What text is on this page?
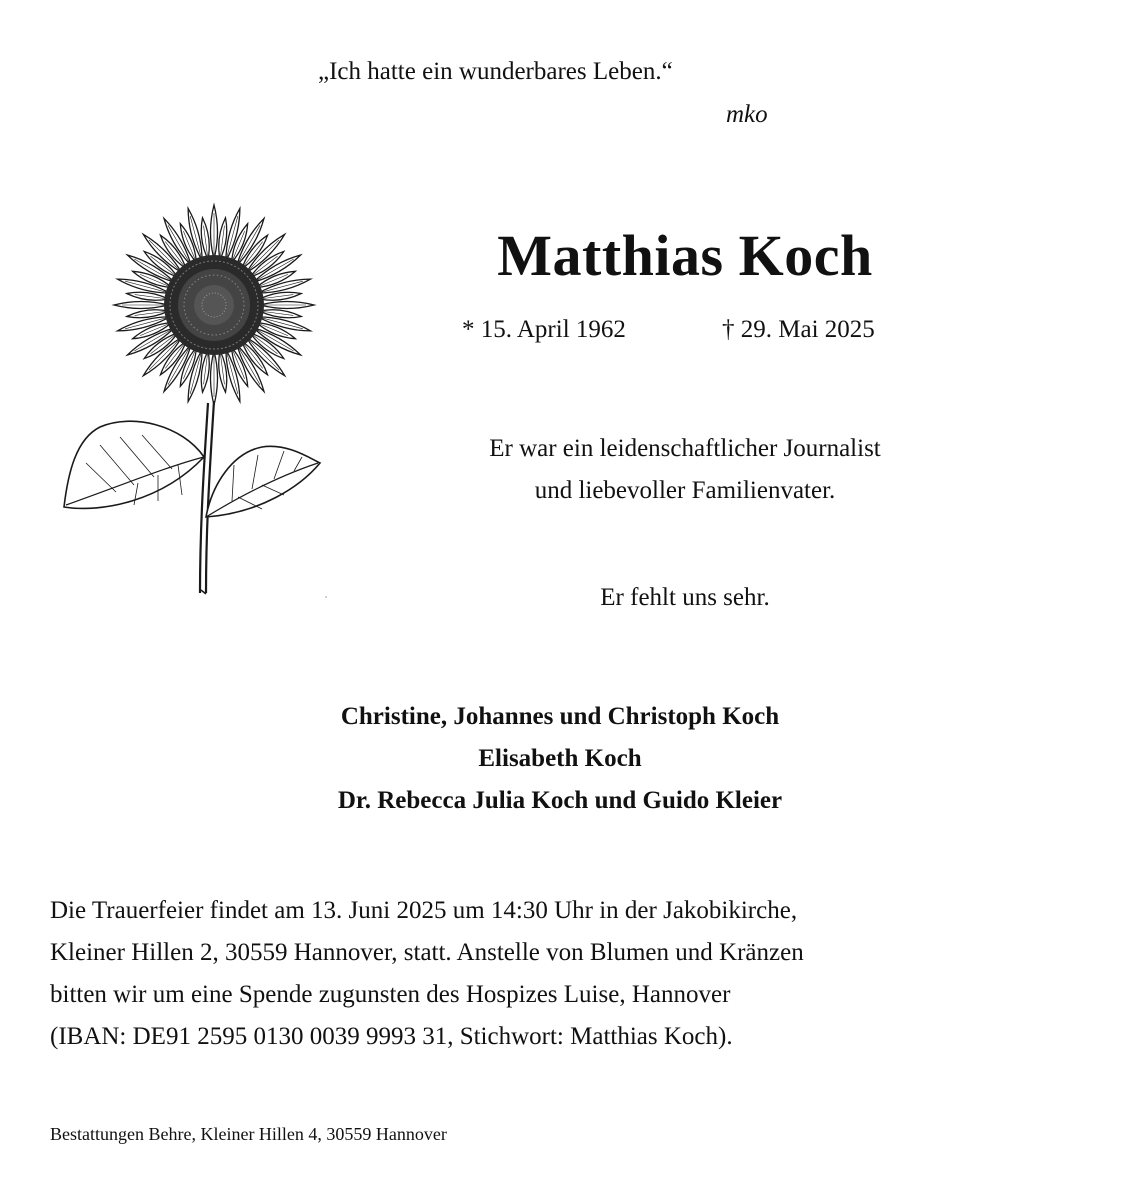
„Ich hatte ein wunderbares Leben.“
mko
Matthias Koch
* 15. April 1962	† 29. Mai 2025
Er war ein leidenschaftlicher Journalist
und liebevoller Familienvater.
Er fehlt uns sehr.
Christine, Johannes und Christoph Koch
Elisabeth Koch
Dr. Rebecca Julia Koch und Guido Kleier
Die Trauerfeier findet am 13. Juni 2025 um 14:30 Uhr in der Jakobikirche,
Kleiner Hillen 2, 30559 Hannover, statt. Anstelle von Blumen und Kränzen
bitten wir um eine Spende zugunsten des Hospizes Luise, Hannover
(IBAN: DE91 2595 0130 0039 9993 31, Stichwort: Matthias Koch).
Bestattungen Behre, Kleiner Hillen 4, 30559 Hannover
